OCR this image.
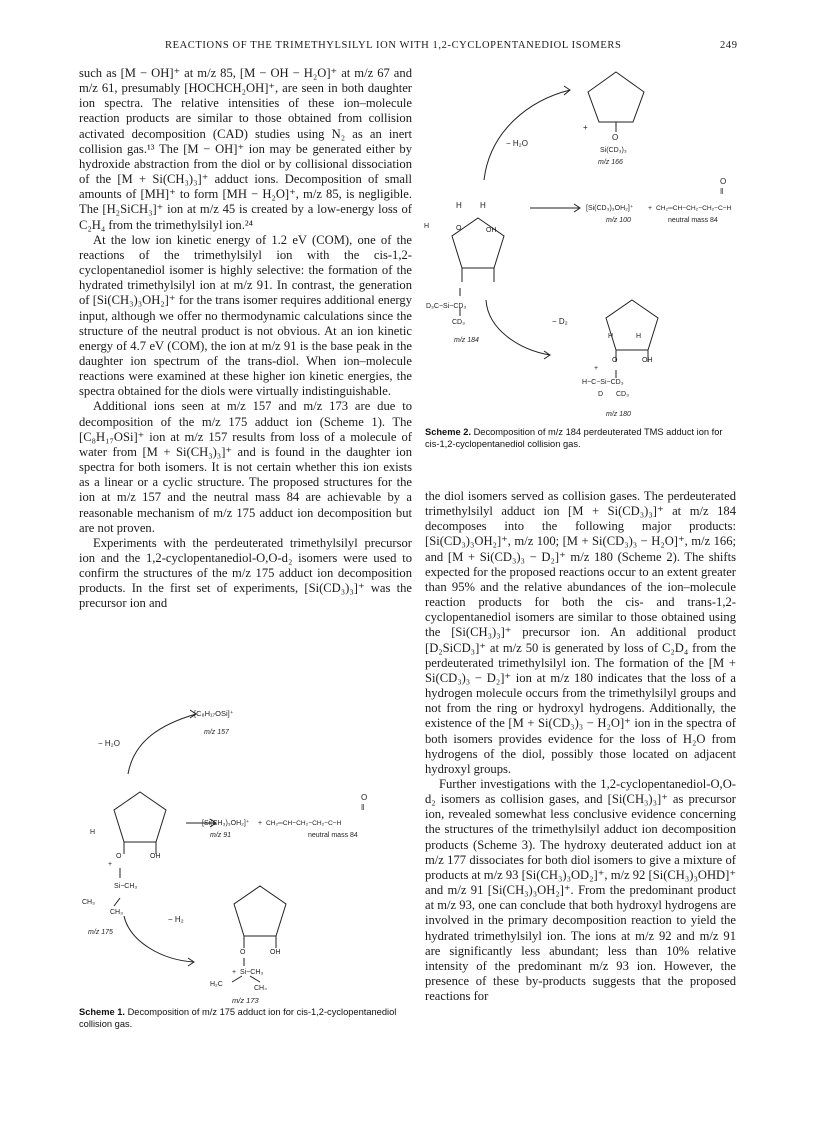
REACTIONS OF THE TRIMETHYLSILYL ION WITH 1,2-CYCLOPENTANEDIOL ISOMERS	249

such as [M − OH]⁺ at m/z 85, [M − OH − H₂O]⁺ at m/z 67 and m/z 61, presumably [HOCHCH₂OH]⁺, are seen in both daughter ion spectra. The relative intensities of these ion–molecule reaction products are similar to those obtained from collision activated decomposition (CAD) studies using N₂ as an inert collision gas.¹³ The [M − OH]⁺ ion may be generated either by hydroxide abstraction from the diol or by collisional dissociation of the [M + Si(CH₃)₃]⁺ adduct ions. Decomposition of small amounts of [MH]⁺ to form [MH − H₂O]⁺, m/z 85, is negligible. The [H₂SiCH₃]⁺ ion at m/z 45 is created by a low-energy loss of C₂H₄ from the trimethylsilyl ion.²⁴

At the low ion kinetic energy of 1.2 eV (COM), one of the reactions of the trimethylsilyl ion with the cis-1,2-cyclopentanediol isomer is highly selective: the formation of the hydrated trimethylsilyl ion at m/z 91. In contrast, the generation of [Si(CH₃)₃OH₂]⁺ for the trans isomer requires additional energy input, although we offer no thermodynamic calculations since the structure of the neutral product is not obvious. At an ion kinetic energy of 4.7 eV (COM), the ion at m/z 91 is the base peak in the daughter ion spectrum of the trans-diol. When ion–molecule reactions were examined at these higher ion kinetic energies, the spectra obtained for the diols were virtually indistinguishable.

Additional ions seen at m/z 157 and m/z 173 are due to decomposition of the m/z 175 adduct ion (Scheme 1). The [C₈H₁₇OSi]⁺ ion at m/z 157 results from loss of a molecule of water from [M + Si(CH₃)₃]⁺ and is found in the daughter ion spectra for both isomers. It is not certain whether this ion exists as a linear or a cyclic structure. The proposed structures for the ion at m/z 157 and the neutral mass 84 are achievable by a reasonable mechanism of m/z 175 adduct ion decomposition but are not proven.

Experiments with the perdeuterated trimethylsilyl precursor ion and the 1,2-cyclopentanediol-O,O-d₂ isomers were used to confirm the structures of the m/z 175 adduct ion decomposition products. In the first set of experiments, [Si(CD₃)₃]⁺ was the precursor ion and

the diol isomers served as collision gases. The perdeuterated trimethylsilyl adduct ion [M + Si(CD₃)₃]⁺ at m/z 184 decomposes into the following major products: [Si(CD₃)₃OH₂]⁺, m/z 100; [M + Si(CD₃)₃ − H₂O]⁺, m/z 166; and [M + Si(CD₃)₃ − D₂]⁺ m/z 180 (Scheme 2). The shifts expected for the proposed reactions occur to an extent greater than 95% and the relative abundances of the ion–molecule reaction products for both the cis- and trans-1,2-cyclopentanediol isomers are similar to those obtained using the [Si(CH₃)₃]⁺ precursor ion. An additional product [D₂SiCD₃]⁺ at m/z 50 is generated by loss of C₂D₄ from the perdeuterated trimethylsilyl ion. The formation of the [M + Si(CD₃)₃ − D₂]⁺ ion at m/z 180 indicates that the loss of a hydrogen molecule occurs from the trimethylsilyl groups and not from the ring or hydroxyl hydrogens. Additionally, the existence of the [M + Si(CD₃)₃ − H₂O]⁺ ion in the spectra of both isomers provides evidence for the loss of H₂O from hydrogens of the diol, possibly those located on adjacent hydroxyl groups.

Further investigations with the 1,2-cyclopentanediol-O,O-d₂ isomers as collision gases, and [Si(CH₃)₃]⁺ as precursor ion, revealed somewhat less conclusive evidence concerning the structures of the trimethylsilyl adduct ion decomposition products (Scheme 3). The hydroxy deuterated adduct ion at m/z 177 dissociates for both diol isomers to give a mixture of products at m/z 93 [Si(CH₃)₃OD₂]⁺, m/z 92 [Si(CH₃)₃OHD]⁺ and m/z 91 [Si(CH₃)₃OH₂]⁺. From the predominant product at m/z 93, one can conclude that both hydroxyl hydrogens are involved in the primary decomposition reaction to yield the hydrated trimethylsilyl ion. The ions at m/z 92 and m/z 91 are significantly less abundant; less than 10% relative intensity of the predominant m/z 93 ion. However, the presence of these by-products suggests that the proposed reactions for

+
O
Si(CD₃)₃
m/z 166
− H₂O
H H
H	O	OH
D₃C−Si−CD₃
CD₃
m/z 184
O
‖
[Si(CD₃)₃OH₂]⁺ + CH₂═CH−CH₂−CH₂−C−H
m/z 100	neutral mass 84
− D₂
H	H
+
O	OH
H−C−Si−CD₃
D CD₃
m/z 180
Scheme 2. Decomposition of m/z 184 perdeuterated TMS adduct ion for cis-1,2-cyclopentanediol collision gas.
[C₈H₁₇OSi]⁺
m/z 157
− H₂O
O
‖
[Si(CH₃)₃OH₂]⁺ + CH₂═CH−CH₂−CH₂−C−H
m/z 91	neutral mass 84
H
O
+
OH
Si−CH₃
CH₃
CH₃
m/z 175
− H₂
O	OH
+ Si−CH₃
H₂C
CH₃
m/z 173
Scheme 1. Decomposition of m/z 175 adduct ion for cis-1,2-cyclopentanediol collision gas.
